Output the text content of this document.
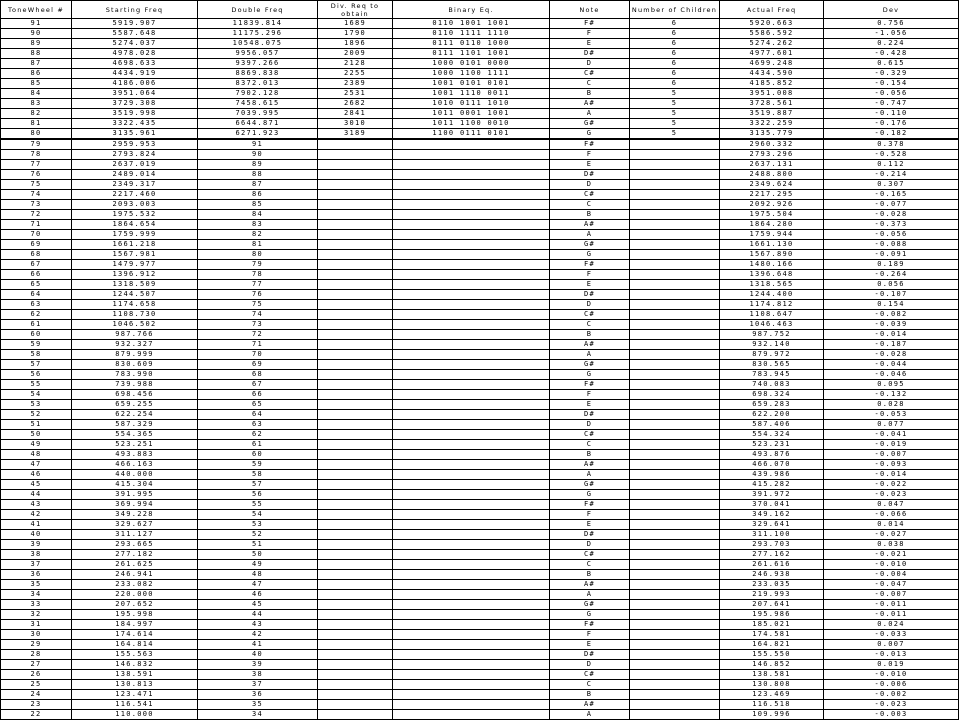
ToneWheel #	Starting Freq	Double Freq	Div. Req to obtain	Binary Eq.	Note	Number of Children	Actual Freq	Dev
91	5919.907	11839.814	1689	0110 1001 1001	F#	6	5920.663	0.756
90	5587.648	11175.296	1790	0110 1111 1110	F	6	5586.592	-1.056
89	5274.037	10548.075	1896	0111 0110 1000	E	6	5274.262	0.224
88	4978.028	9956.057	2009	0111 1101 1001	D#	6	4977.601	-0.428
87	4698.633	9397.266	2128	1000 0101 0000	D	6	4699.248	0.615
86	4434.919	8869.838	2255	1000 1100 1111	C#	6	4434.590	-0.329
85	4186.006	8372.013	2389	1001 0101 0101	C	6	4185.852	-0.154
84	3951.064	7902.128	2531	1001 1110 0011	B	5	3951.008	-0.056
83	3729.308	7458.615	2682	1010 0111 1010	A#	5	3728.561	-0.747
82	3519.998	7039.995	2841	1011 0001 1001	A	5	3519.887	-0.110
81	3322.435	6644.871	3010	1011 1100 0010	G#	5	3322.259	-0.176
80	3135.961	6271.923	3189	1100 0111 0101	G	5	3135.779	-0.182
79	2959.953	91			F#		2960.332	0.378
78	2793.824	90			F		2793.296	-0.528
77	2637.019	89			E		2637.131	0.112
76	2489.014	88			D#		2488.800	-0.214
75	2349.317	87			D		2349.624	0.307
74	2217.460	86			C#		2217.295	-0.165
73	2093.003	85			C		2092.926	-0.077
72	1975.532	84			B		1975.504	-0.028
71	1864.654	83			A#		1864.280	-0.373
70	1759.999	82			A		1759.944	-0.056
69	1661.218	81			G#		1661.130	-0.088
68	1567.981	80			G		1567.890	-0.091
67	1479.977	79			F#		1480.166	0.189
66	1396.912	78			F		1396.648	-0.264
65	1318.509	77			E		1318.565	0.056
64	1244.507	76			D#		1244.400	-0.107
63	1174.658	75			D		1174.812	0.154
62	1108.730	74			C#		1108.647	-0.082
61	1046.502	73			C		1046.463	-0.039
60	987.766	72			B		987.752	-0.014
59	932.327	71			A#		932.140	-0.187
58	879.999	70			A		879.972	-0.028
57	830.609	69			G#		830.565	-0.044
56	783.990	68			G		783.945	-0.046
55	739.988	67			F#		740.083	0.095
54	698.456	66			F		698.324	-0.132
53	659.255	65			E		659.283	0.028
52	622.254	64			D#		622.200	-0.053
51	587.329	63			D		587.406	0.077
50	554.365	62			C#		554.324	-0.041
49	523.251	61			C		523.231	-0.019
48	493.883	60			B		493.876	-0.007
47	466.163	59			A#		466.070	-0.093
46	440.000	58			A		439.986	-0.014
45	415.304	57			G#		415.282	-0.022
44	391.995	56			G		391.972	-0.023
43	369.994	55			F#		370.041	0.047
42	349.228	54			F		349.162	-0.066
41	329.627	53			E		329.641	0.014
40	311.127	52			D#		311.100	-0.027
39	293.665	51			D		293.703	0.038
38	277.182	50			C#		277.162	-0.021
37	261.625	49			C		261.616	-0.010
36	246.941	48			B		246.938	-0.004
35	233.082	47			A#		233.035	-0.047
34	220.000	46			A		219.993	-0.007
33	207.652	45			G#		207.641	-0.011
32	195.998	44			G		195.986	-0.011
31	184.997	43			F#		185.021	0.024
30	174.614	42			F		174.581	-0.033
29	164.814	41			E		164.821	0.007
28	155.563	40			D#		155.550	-0.013
27	146.832	39			D		146.852	0.019
26	138.591	38			C#		138.581	-0.010
25	130.813	37			C		130.808	-0.006
24	123.471	36			B		123.469	-0.002
23	116.541	35			A#		116.518	-0.023
22	110.000	34			A		109.996	-0.003
